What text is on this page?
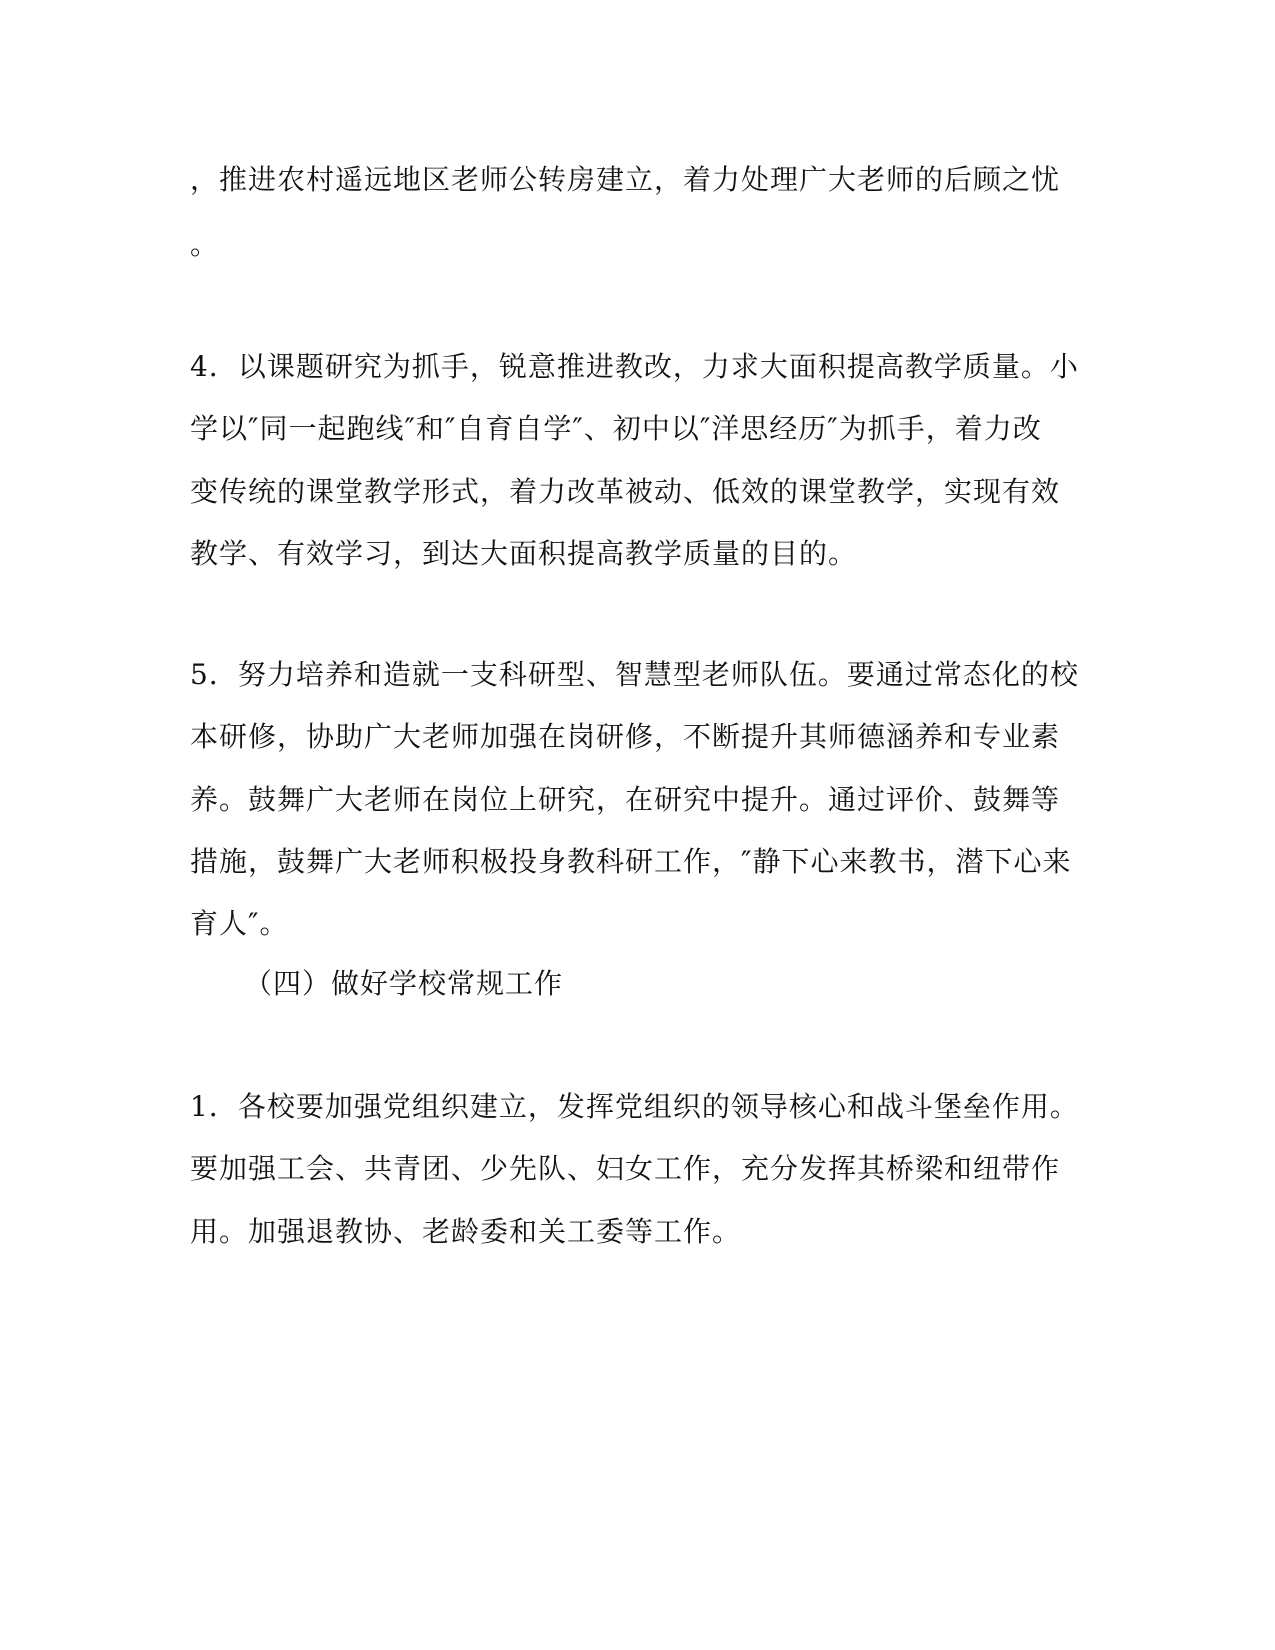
，推进农村遥远地区老师公转房建立，着力处理广大老师的后顾之忧
。
4．以课题研究为抓手，锐意推进教改，力求大面积提高教学质量。小
学以″同一起跑线″和″自育自学″、初中以″洋思经历″为抓手，着力改
变传统的课堂教学形式，着力改革被动、低效的课堂教学，实现有效
教学、有效学习，到达大面积提高教学质量的目的。
5．努力培养和造就一支科研型、智慧型老师队伍。要通过常态化的校
本研修，协助广大老师加强在岗研修，不断提升其师德涵养和专业素
养。鼓舞广大老师在岗位上研究，在研究中提升。通过评价、鼓舞等
措施，鼓舞广大老师积极投身教科研工作，″静下心来教书，潜下心来
育人″。
（四）做好学校常规工作
1．各校要加强党组织建立，发挥党组织的领导核心和战斗堡垒作用。
要加强工会、共青团、少先队、妇女工作，充分发挥其桥梁和纽带作
用。加强退教协、老龄委和关工委等工作。
